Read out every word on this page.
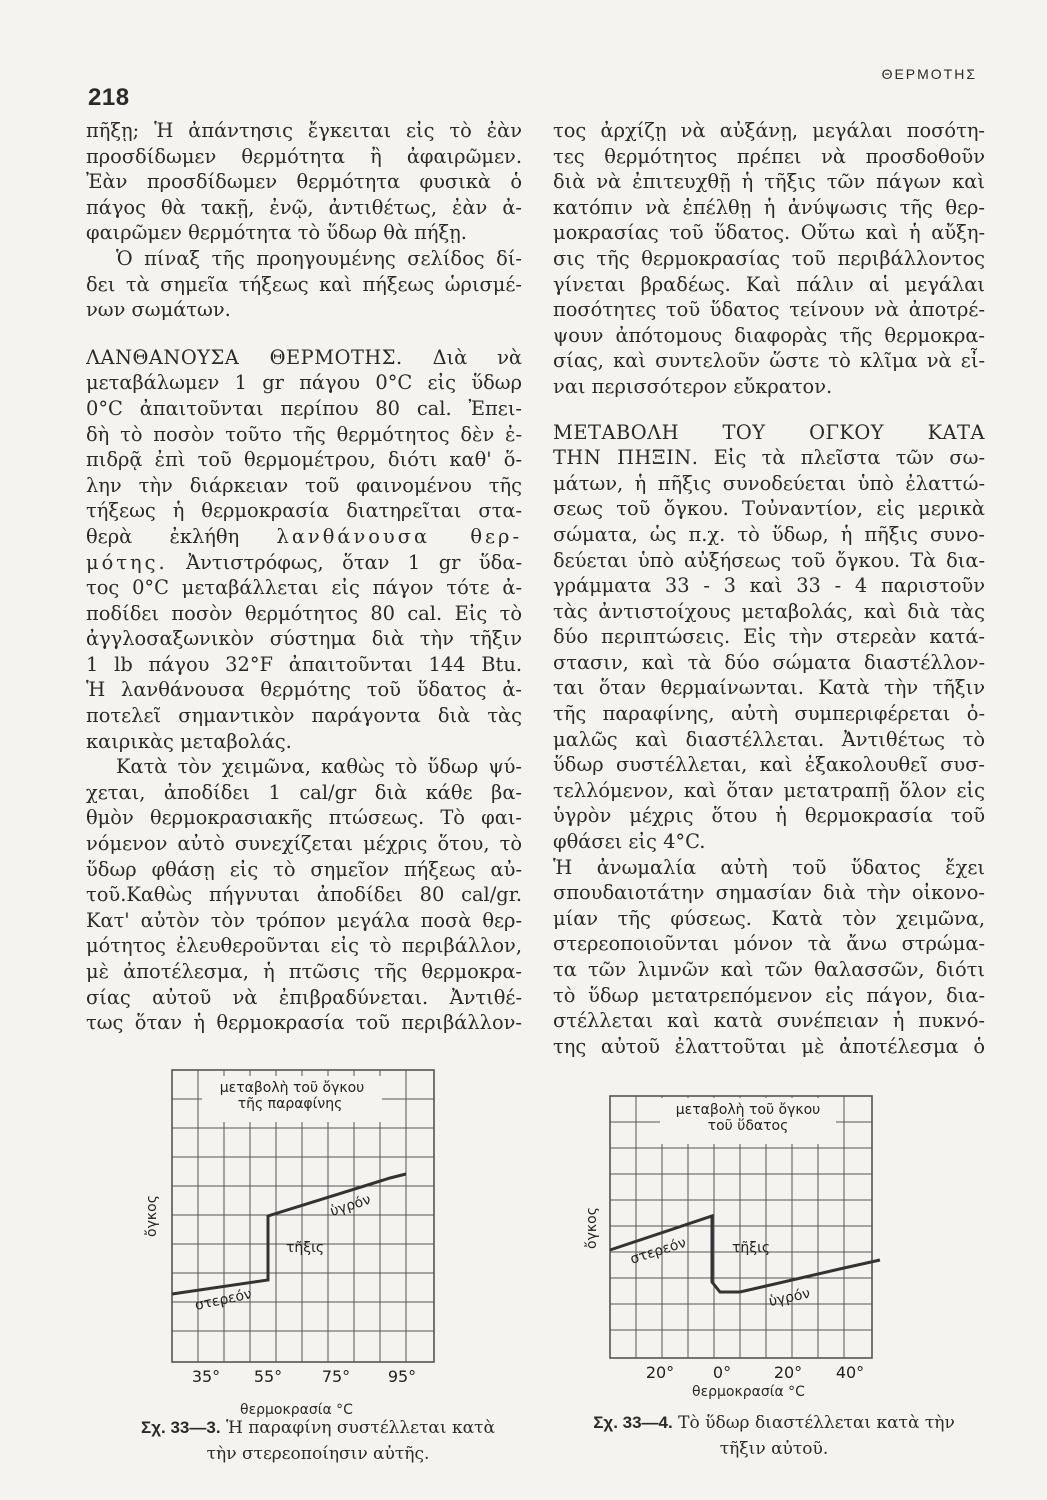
218
ΘΕΡΜΟΤΗΣ
πῆξῃ; Ἡ ἀπάντησις ἔγκειται εἰς τὸ ἐὰν
προσδίδωμεν θερμότητα ἢ ἀφαιρῶμεν.
Ἐὰν προσδίδωμεν θερμότητα φυσικὰ ὁ
πάγος θὰ τακῇ, ἐνῷ, ἀντιθέτως, ἐὰν ἀ-
φαιρῶμεν θερμότητα τὸ ὕδωρ θὰ πήξῃ.
Ὁ πίναξ τῆς προηγουμένης σελίδος δί-
δει τὰ σημεῖα τήξεως καὶ πήξεως ὡρισμέ-
νων σωμάτων.
ΛΑΝΘΑΝΟΥΣΑ ΘΕΡΜΟΤΗΣ. Διὰ νὰ
μεταβάλωμεν 1 gr πάγου 0°C εἰς ὕδωρ
0°C ἀπαιτοῦνται περίπου 80 cal. Ἐπει-
δὴ τὸ ποσὸν τοῦτο τῆς θερμότητος δὲν ἐ-
πιδρᾷ ἐπὶ τοῦ θερμομέτρου, διότι καθ' ὅ-
λην τὴν διάρκειαν τοῦ φαινομένου τῆς
τήξεως ἡ θερμοκρασία διατηρεῖται στα-
θερὰ ἐκλήθη λανθάνουσα θερ-
μότης. Ἀντιστρόφως, ὅταν 1 gr ὕδα-
τος 0°C μεταβάλλεται εἰς πάγον τότε ἀ-
ποδίδει ποσὸν θερμότητος 80 cal. Εἰς τὸ
ἀγγλοσαξωνικὸν σύστημα διὰ τὴν τῆξιν
1 lb πάγου 32°F ἀπαιτοῦνται 144 Btu.
Ἡ λανθάνουσα θερμότης τοῦ ὕδατος ἀ-
ποτελεῖ σημαντικὸν παράγοντα διὰ τὰς
καιρικὰς μεταβολάς.
Κατὰ τὸν χειμῶνα, καθὼς τὸ ὕδωρ ψύ-
χεται, ἀποδίδει 1 cal/gr διὰ κάθε βα-
θμὸν θερμοκρασιακῆς πτώσεως. Τὸ φαι-
νόμενον αὐτὸ συνεχίζεται μέχρις ὅτου, τὸ
ὕδωρ φθάσῃ εἰς τὸ σημεῖον πήξεως αὐ-
τοῦ.Καθὼς πήγνυται ἀποδίδει 80 cal/gr.
Κατ' αὐτὸν τὸν τρόπον μεγάλα ποσὰ θερ-
μότητος ἐλευθεροῦνται εἰς τὸ περιβάλλον,
μὲ ἀποτέλεσμα, ἡ πτῶσις τῆς θερμοκρα-
σίας αὐτοῦ νὰ ἐπιβραδύνεται. Ἀντιθέ-
τως ὅταν ἡ θερμοκρασία τοῦ περιβάλλον-
τος ἀρχίζῃ νὰ αὐξάνῃ, μεγάλαι ποσότη-
τες θερμότητος πρέπει νὰ προσδοθοῦν
διὰ νὰ ἐπιτευχθῇ ἡ τῆξις τῶν πάγων καὶ
κατόπιν νὰ ἐπέλθῃ ἡ ἀνύψωσις τῆς θερ-
μοκρασίας τοῦ ὕδατος. Οὕτω καὶ ἡ αὔξη-
σις τῆς θερμοκρασίας τοῦ περιβάλλοντος
γίνεται βραδέως. Καὶ πάλιν αἱ μεγάλαι
ποσότητες τοῦ ὕδατος τείνουν νὰ ἀποτρέ-
ψουν ἀπότομους διαφορὰς τῆς θερμοκρα-
σίας, καὶ συντελοῦν ὥστε τὸ κλῖμα νὰ εἶ-
ναι περισσότερον εὔκρατον.
ΜΕΤΑΒΟΛΗ ΤΟΥ ΟΓΚΟΥ ΚΑΤΑ
ΤΗΝ ΠΗΞΙΝ. Εἰς τὰ πλεῖστα τῶν σω-
μάτων, ἡ πῆξις συνοδεύεται ὑπὸ ἐλαττώ-
σεως τοῦ ὄγκου. Τοὐναντίον, εἰς μερικὰ
σώματα, ὡς π.χ. τὸ ὕδωρ, ἡ πῆξις συνο-
δεύεται ὑπὸ αὐξήσεως τοῦ ὄγκου. Τὰ δια-
γράμματα 33 - 3 καὶ 33 - 4 παριστοῦν
τὰς ἀντιστοίχους μεταβολάς, καὶ διὰ τὰς
δύο περιπτώσεις. Εἰς τὴν στερεὰν κατά-
στασιν, καὶ τὰ δύο σώματα διαστέλλον-
ται ὅταν θερμαίνωνται. Κατὰ τὴν τῆξιν
τῆς παραφίνης, αὐτὴ συμπεριφέρεται ὁ-
μαλῶς καὶ διαστέλλεται. Ἀντιθέτως τὸ
ὕδωρ συστέλλεται, καὶ ἐξακολουθεῖ συσ-
τελλόμενον, καὶ ὅταν μετατραπῇ ὅλον εἰς
ὑγρὸν μέχρις ὅτου ἡ θερμοκρασία τοῦ
φθάσει εἰς 4°C.
Ἡ ἀνωμαλία αὐτὴ τοῦ ὕδατος ἔχει
σπουδαιοτάτην σημασίαν διὰ τὴν οἰκονο-
μίαν τῆς φύσεως. Κατὰ τὸν χειμῶνα,
στερεοποιοῦνται μόνον τὰ ἄνω στρώμα-
τα τῶν λιμνῶν καὶ τῶν θαλασσῶν, διότι
τὸ ὕδωρ μετατρεπόμενον εἰς πάγον, δια-
στέλλεται καὶ κατὰ συνέπειαν ἡ πυκνό-
της αὐτοῦ ἐλαττοῦται μὲ ἀποτέλεσμα ὁ
μεταβολὴ τοῦ ὄγκου
τῆς παραφίνης
στερεόν
τῆξις
ὑγρόν
ὄγκος
35° 55° 75° 95°
θερμοκρασία °C
Σχ. 33—3. Ἡ παραφίνη συστέλλεται κατὰ
τὴν στερεοποίησιν αὐτῆς.
μεταβολὴ τοῦ ὄγκου
τοῦ ὕδατος
στερεόν	τῆξις
ὑγρόν
ὄγκος
20° 0°	20° 40°
θερμοκρασία °C
Σχ. 33—4. Τὸ ὕδωρ διαστέλλεται κατὰ τὴν
τῆξιν αὐτοῦ.
